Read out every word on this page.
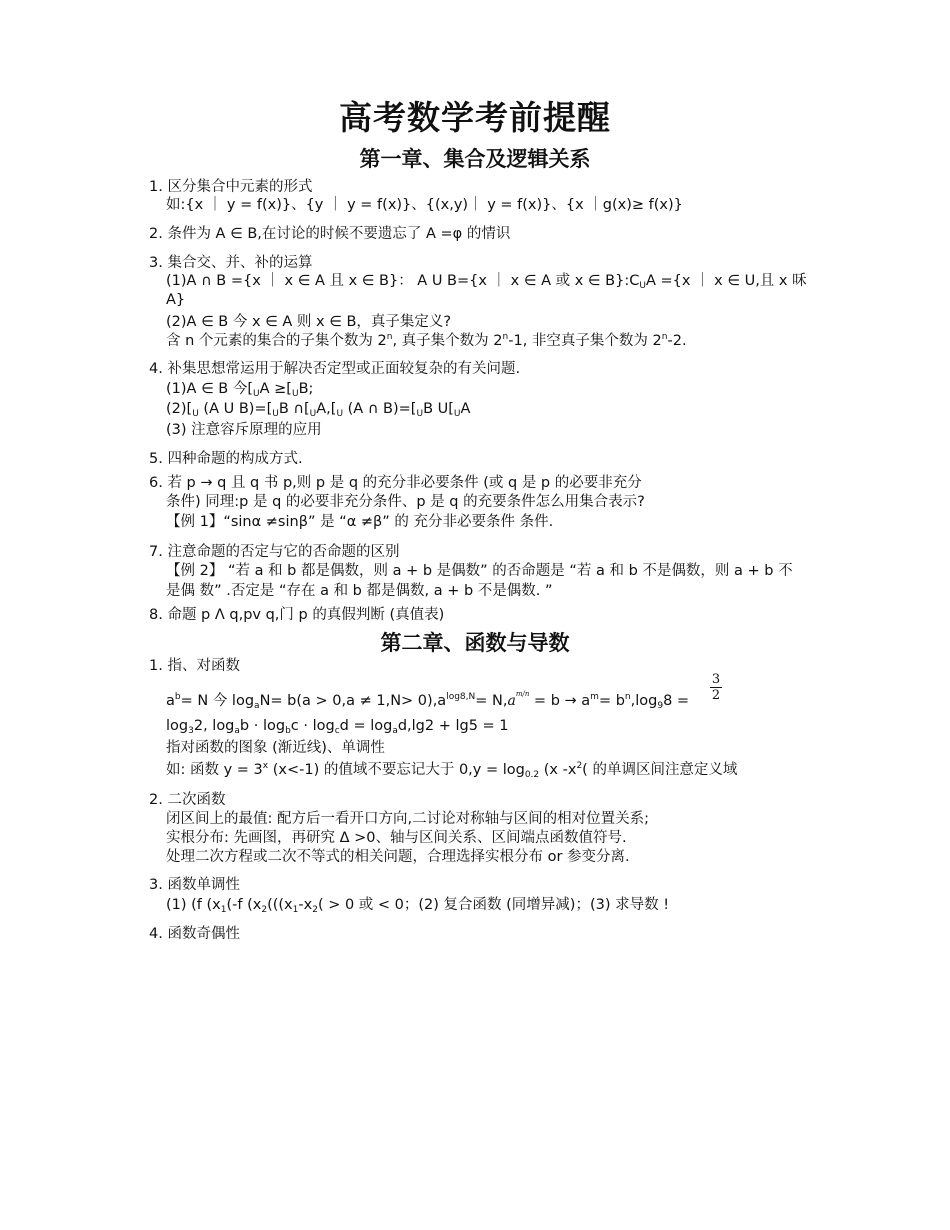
高考数学考前提醒
第一章、集合及逻辑关系
1. 区分集合中元素的形式
如:{x ｜ y = f(x)}、{y ｜ y = f(x)}、{(x,y)｜ y = f(x)}、{x ｜g(x)≥ f(x)}
2. 条件为 A ∈ B,在讨论的时候不要遗忘了 A =φ 的情识
3. 集合交、并、补的运算
(1)A ∩ B ={x ｜ x ∈ A 且 x ∈ B}： A U B={x ｜ x ∈ A 或 x ∈ $B\}:C_UA =\{x$ ｜ x ∈ U,且 x 咊
A}
(2)A ∈ B 今 x ∈ A 则 x ∈ B，真子集定义?
含 n 个元素的集合的子集个数为 2$^n$, 真子集个数为 2$^n$-1, 非空真子集个数为 2$^n$-2.
4. 补集思想常运用于解决否定型或正面较复杂的有关问题.
(1)A ∈ B 今[$_UA \ge[_UB$;
$(2)[_U$ (A U $B)=[_UB$ $\cap[_UA,[_U$ (A ∩ $B)=[_UB$ $U[_UA$
(3) 注意容斥原理的应用
5. 四种命题的构成方式.
6. 若 p → q 且 q 书 p,则 p 是 q 的充分非必要条件 (或 q 是 p 的必要非充分
条件) 同理:p 是 q 的必要非充分条件、p 是 q 的充要条件怎么用集合表示?
【例 1】“sinα ≠sinβ” 是 “α ≠β” 的 充分非必要条件 条件.
7. 注意命题的否定与它的否命题的区别
【例 2】 “若 a 和 b 都是偶数，则 a + b 是偶数” 的否命题是 “若 a 和 b 不是偶数，则 a + b 不
是偶 数” .否定是 “存在 a 和 b 都是偶数, a + b 不是偶数. ”
8. 命题 p Λ q,pv q,门 p 的真假判断 (真值表)
第二章、函数与导数
1. 指、对函数
$a^b= N$ 今 $\log_aN= b(a > 0,a \ne 1,N> 0),a^{log8,N}= N,a^{m/n} = b \to a^m= b^n,\log_98$ =
3
2
$\log_32$, $\log_ab \cdot \log_bc \cdot \log_cd = \log_ad,\lg 2 + \lg 5 = 1$
指对函数的图象 (渐近线)、单调性
如: 函数 $y = 3^x$ (x<-1) 的值域不要忘记大于 $0,y = \log_{0.2} (x$ $-x^2$( 的单调区间注意定义域
2. 二次函数
闭区间上的最值: 配方后一看开口方向,二讨论对称轴与区间的相对位置关系;
实根分布: 先画图，再研究 Δ >0、轴与区间关系、区间端点函数值符号.
处理二次方程或二次不等式的相关问题，合理选择实根分布 or 参变分离.
3. 函数单调性
(1) (f ($x_1(-f$ ($x_2(((x_1-x_2( > 0$ 或 < 0；(2) 复合函数 (同增异减)；(3) 求导数 !
4. 函数奇偶性
